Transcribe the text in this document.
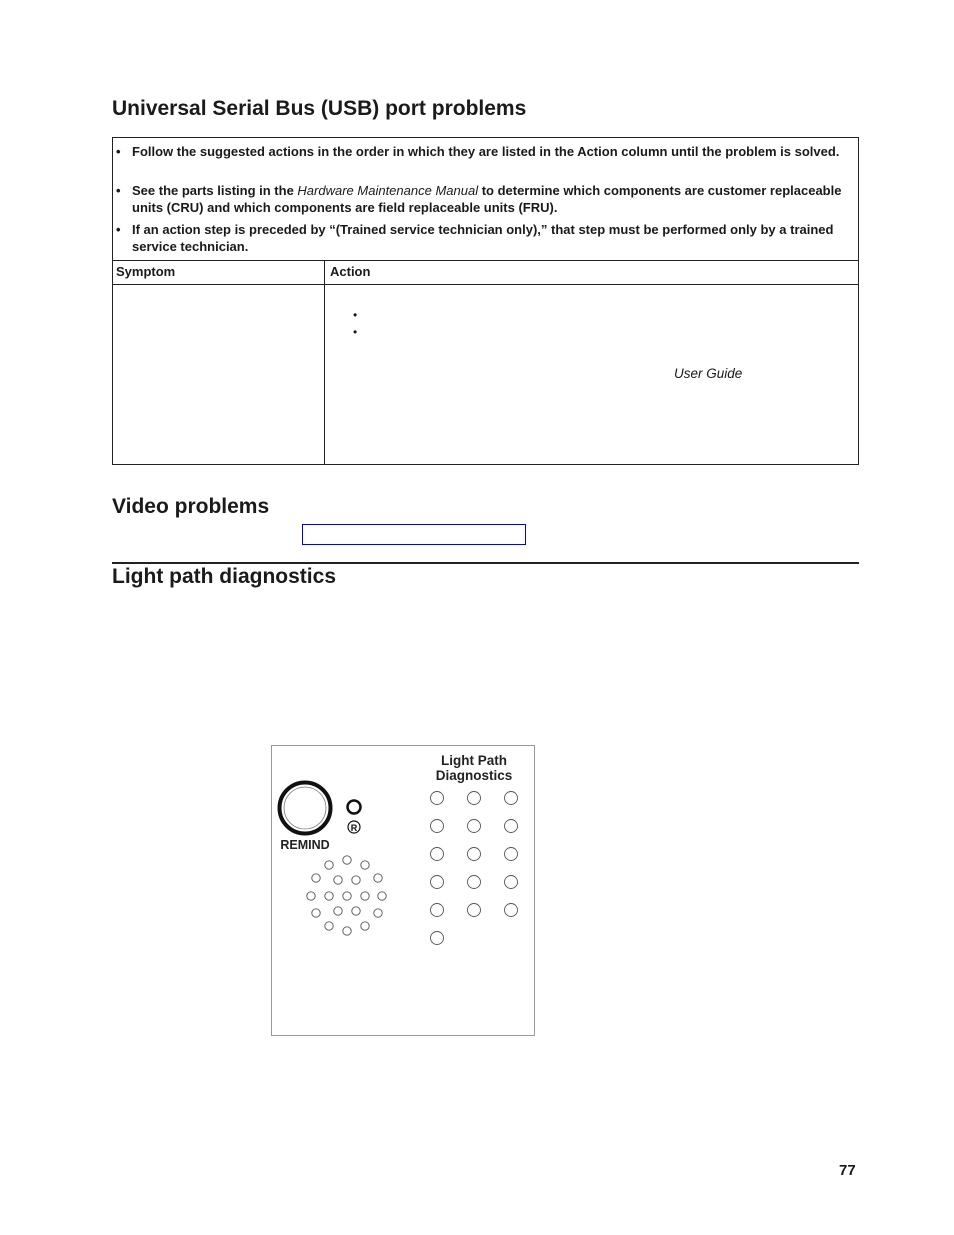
Universal Serial Bus (USB) port problems
• Follow the suggested actions in the order in which they are listed in the Action column until the problem is solved.
• See the parts listing in the Hardware Maintenance Manual to determine which components are customer replaceable units (CRU) and which components are field replaceable units (FRU).
• If an action step is preceded by “(Trained service technician only),” that step must be performed only by a trained service technician.
Symptom	Action
•
•
User Guide
Video problems
Light path diagnostics
Light Path
Diagnostics
REMIND
R
77
